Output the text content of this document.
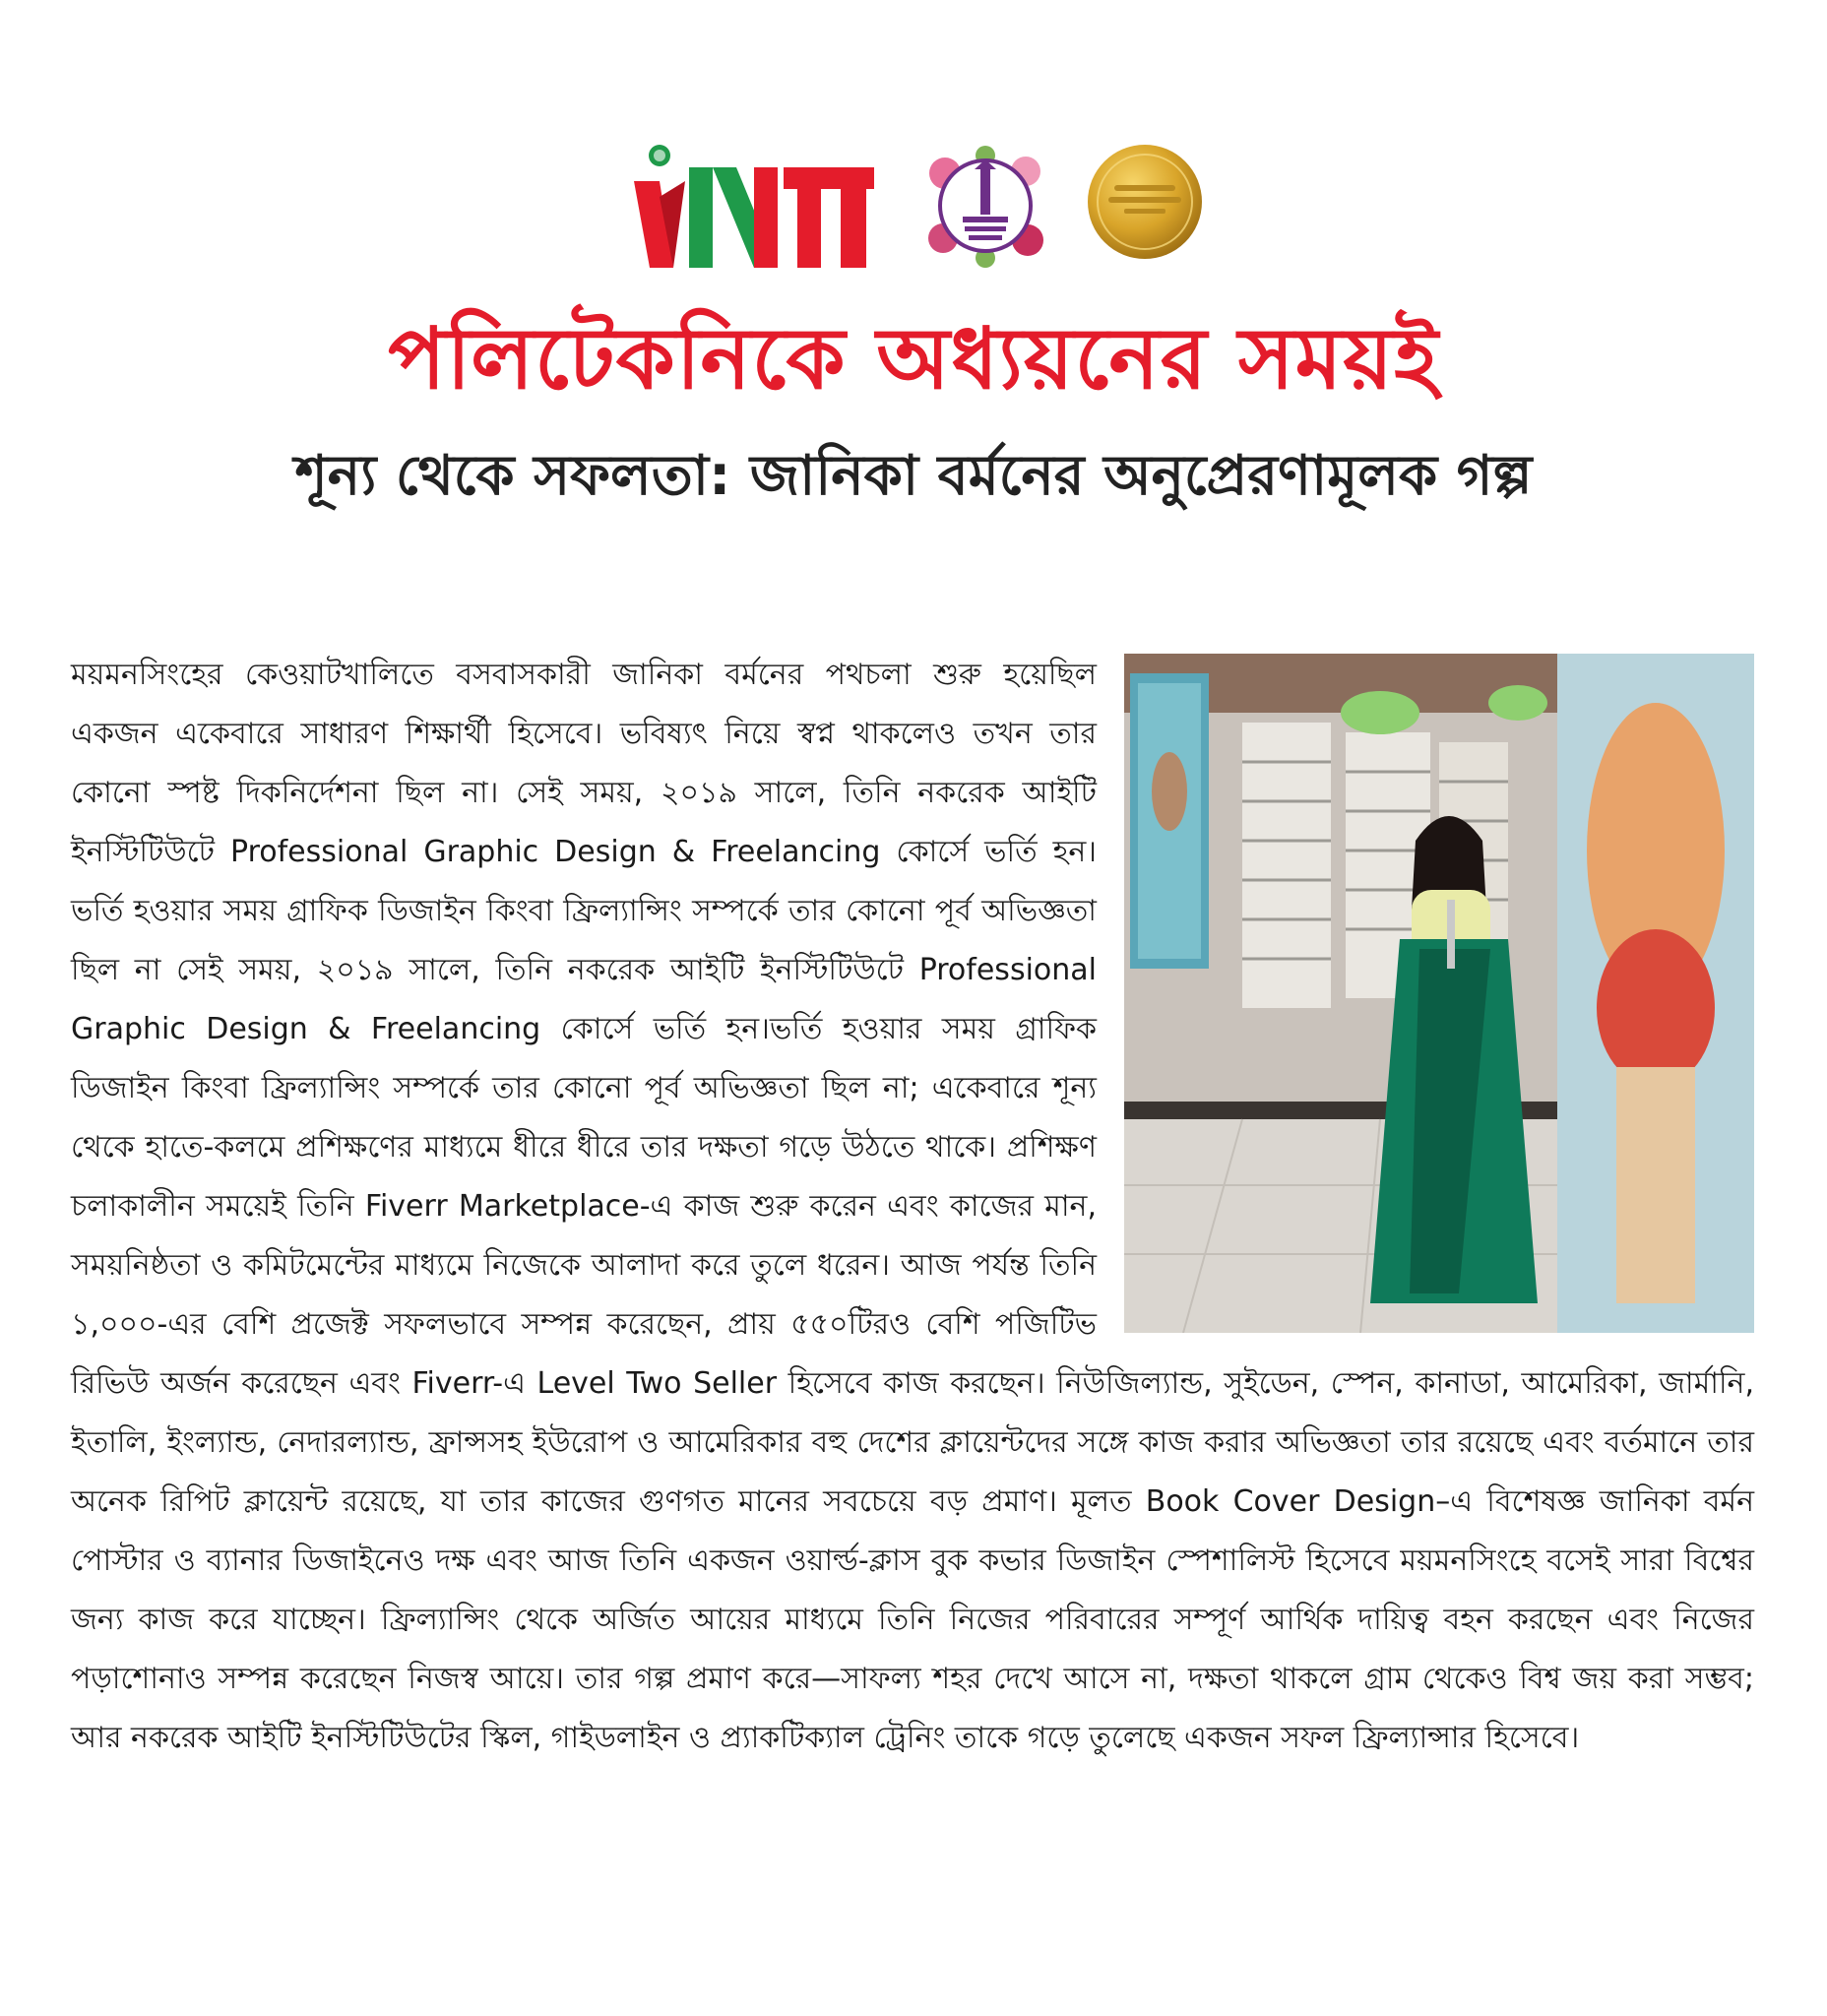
পলিটেকনিকে অধ্যয়নের সময়ই
শূন্য থেকে সফলতা: জানিকা বর্মনের অনুপ্রেরণামূলক গল্প

ময়মনসিংহের কেওয়াটখালিতে বসবাসকারী জানিকা বর্মনের পথচলা শুরু হয়েছিল একজন একেবারে সাধারণ শিক্ষার্থী হিসেবে। ভবিষ্যৎ নিয়ে স্বপ্ন থাকলেও তখন তার কোনো স্পষ্ট দিকনির্দেশনা ছিল না। সেই সময়, ২০১৯ সালে, তিনি নকরেক আইটি ইনস্টিটিউটে Professional Graphic Design & Freelancing কোর্সে ভর্তি হন। ভর্তি হওয়ার সময় গ্রাফিক ডিজাইন কিংবা ফ্রিল্যান্সিং সম্পর্কে তার কোনো পূর্ব অভিজ্ঞতা ছিল না সেই সময়, ২০১৯ সালে, তিনি নকরেক আইটি ইনস্টিটিউটে Professional Graphic Design & Freelancing কোর্সে ভর্তি হন।ভর্তি হওয়ার সময় গ্রাফিক ডিজাইন কিংবা ফ্রিল্যান্সিং সম্পর্কে তার কোনো পূর্ব অভিজ্ঞতা ছিল না; একেবারে শূন্য থেকে হাতে-কলমে প্রশিক্ষণের মাধ্যমে ধীরে ধীরে তার দক্ষতা গড়ে উঠতে থাকে। প্রশিক্ষণ চলাকালীন সময়েই তিনি Fiverr Marketplace-এ কাজ শুরু করেন এবং কাজের মান, সময়নিষ্ঠতা ও কমিটমেন্টের মাধ্যমে নিজেকে আলাদা করে তুলে ধরেন। আজ পর্যন্ত তিনি ১,০০০-এর বেশি প্রজেক্ট সফলভাবে সম্পন্ন করেছেন, প্রায় ৫৫০টিরও বেশি পজিটিভ রিভিউ অর্জন করেছেন এবং Fiverr-এ Level Two Seller হিসেবে কাজ করছেন। নিউজিল্যান্ড, সুইডেন, স্পেন, কানাডা, আমেরিকা, জার্মানি, ইতালি, ইংল্যান্ড, নেদারল্যান্ড, ফ্রান্সসহ ইউরোপ ও আমেরিকার বহু দেশের ক্লায়েন্টদের সঙ্গে কাজ করার অভিজ্ঞতা তার রয়েছে এবং বর্তমানে তার অনেক রিপিট ক্লায়েন্ট রয়েছে, যা তার কাজের গুণগত মানের সবচেয়ে বড় প্রমাণ। মূলত Book Cover Design–এ বিশেষজ্ঞ জানিকা বর্মন পোস্টার ও ব্যানার ডিজাইনেও দক্ষ এবং আজ তিনি একজন ওয়ার্ল্ড-ক্লাস বুক কভার ডিজাইন স্পেশালিস্ট হিসেবে ময়মনসিংহে বসেই সারা বিশ্বের জন্য কাজ করে যাচ্ছেন। ফ্রিল্যান্সিং থেকে অর্জিত আয়ের মাধ্যমে তিনি নিজের পরিবারের সম্পূর্ণ আর্থিক দায়িত্ব বহন করছেন এবং নিজের পড়াশোনাও সম্পন্ন করেছেন নিজস্ব আয়ে। তার গল্প প্রমাণ করে—সাফল্য শহর দেখে আসে না, দক্ষতা থাকলে গ্রাম থেকেও বিশ্ব জয় করা সম্ভব; আর নকরেক আইটি ইনস্টিটিউটের স্কিল, গাইডলাইন ও প্র্যাকটিক্যাল ট্রেনিং তাকে গড়ে তুলেছে একজন সফল ফ্রিল্যান্সার হিসেবে।
